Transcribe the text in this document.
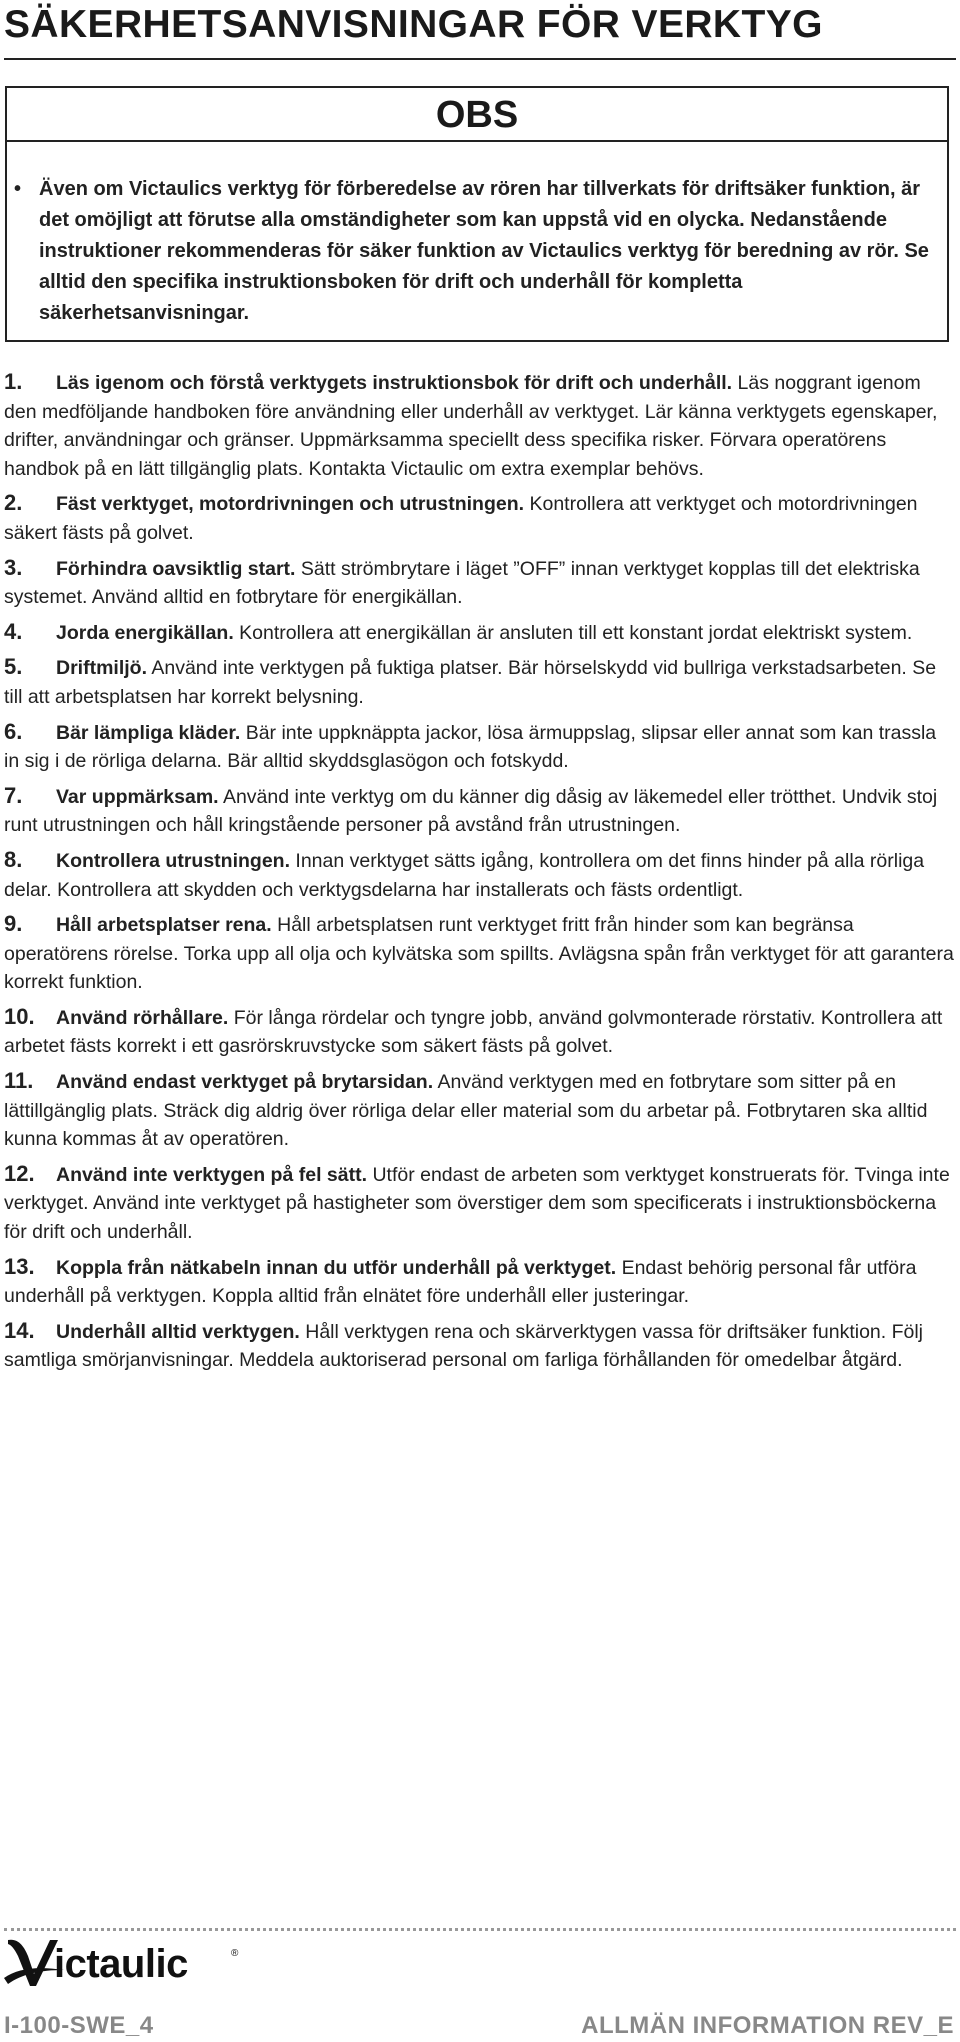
SÄKERHETSANVISNINGAR FÖR VERKTYG
OBS
• Även om Victaulics verktyg för förberedelse av rören har tillverkats för driftsäker funktion, är det omöjligt att förutse alla omständigheter som kan uppstå vid en olycka. Nedanstående instruktioner rekommenderas för säker funktion av Victaulics verktyg för beredning av rör. Se alltid den specifika instruktionsboken för drift och underhåll för kompletta säkerhetsanvisningar.

1. Läs igenom och förstå verktygets instruktionsbok för drift och underhåll. Läs noggrant igenom den medföljande handboken före användning eller underhåll av verktyget. Lär känna verktygets egenskaper, drifter, användningar och gränser. Uppmärksamma speciellt dess specifika risker. Förvara operatörens handbok på en lätt tillgänglig plats. Kontakta Victaulic om extra exemplar behövs.

2. Fäst verktyget, motordrivningen och utrustningen. Kontrollera att verktyget och motordrivningen säkert fästs på golvet.

3. Förhindra oavsiktlig start. Sätt strömbrytare i läget ”OFF” innan verktyget kopplas till det elektriska systemet. Använd alltid en fotbrytare för energikällan.

4. Jorda energikällan. Kontrollera att energikällan är ansluten till ett konstant jordat elektriskt system.

5. Driftmiljö. Använd inte verktygen på fuktiga platser. Bär hörselskydd vid bullriga verkstadsarbeten. Se till att arbetsplatsen har korrekt belysning.

6. Bär lämpliga kläder. Bär inte uppknäppta jackor, lösa ärmuppslag, slipsar eller annat som kan trassla in sig i de rörliga delarna. Bär alltid skyddsglasögon och fotskydd.

7. Var uppmärksam. Använd inte verktyg om du känner dig dåsig av läkemedel eller trötthet. Undvik stoj runt utrustningen och håll kringstående personer på avstånd från utrustningen.

8. Kontrollera utrustningen. Innan verktyget sätts igång, kontrollera om det finns hinder på alla rörliga delar. Kontrollera att skydden och verktygsdelarna har installerats och fästs ordentligt.

9. Håll arbetsplatser rena. Håll arbetsplatsen runt verktyget fritt från hinder som kan begränsa operatörens rörelse. Torka upp all olja och kylvätska som spillts. Avlägsna spån från verktyget för att garantera korrekt funktion.

10. Använd rörhållare. För långa rördelar och tyngre jobb, använd golvmonterade rörstativ. Kontrollera att arbetet fästs korrekt i ett gasrörskruvstycke som säkert fästs på golvet.

11. Använd endast verktyget på brytarsidan. Använd verktygen med en fotbrytare som sitter på en lättillgänglig plats. Sträck dig aldrig över rörliga delar eller material som du arbetar på. Fotbrytaren ska alltid kunna kommas åt av operatören.

12. Använd inte verktygen på fel sätt. Utför endast de arbeten som verktyget konstruerats för. Tvinga inte verktyget. Använd inte verktyget på hastigheter som överstiger dem som specificerats i instruktionsböckerna för drift och underhåll.

13. Koppla från nätkabeln innan du utför underhåll på verktyget. Endast behörig personal får utföra underhåll på verktygen. Koppla alltid från elnätet före underhåll eller justeringar.

14. Underhåll alltid verktygen. Håll verktygen rena och skärverktygen vassa för driftsäker funktion. Följ samtliga smörjanvisningar. Meddela auktoriserad personal om farliga förhållanden för omedelbar åtgärd.

ictaulic	®
I-100-SWE_4	ALLMÄN INFORMATION REV_E
